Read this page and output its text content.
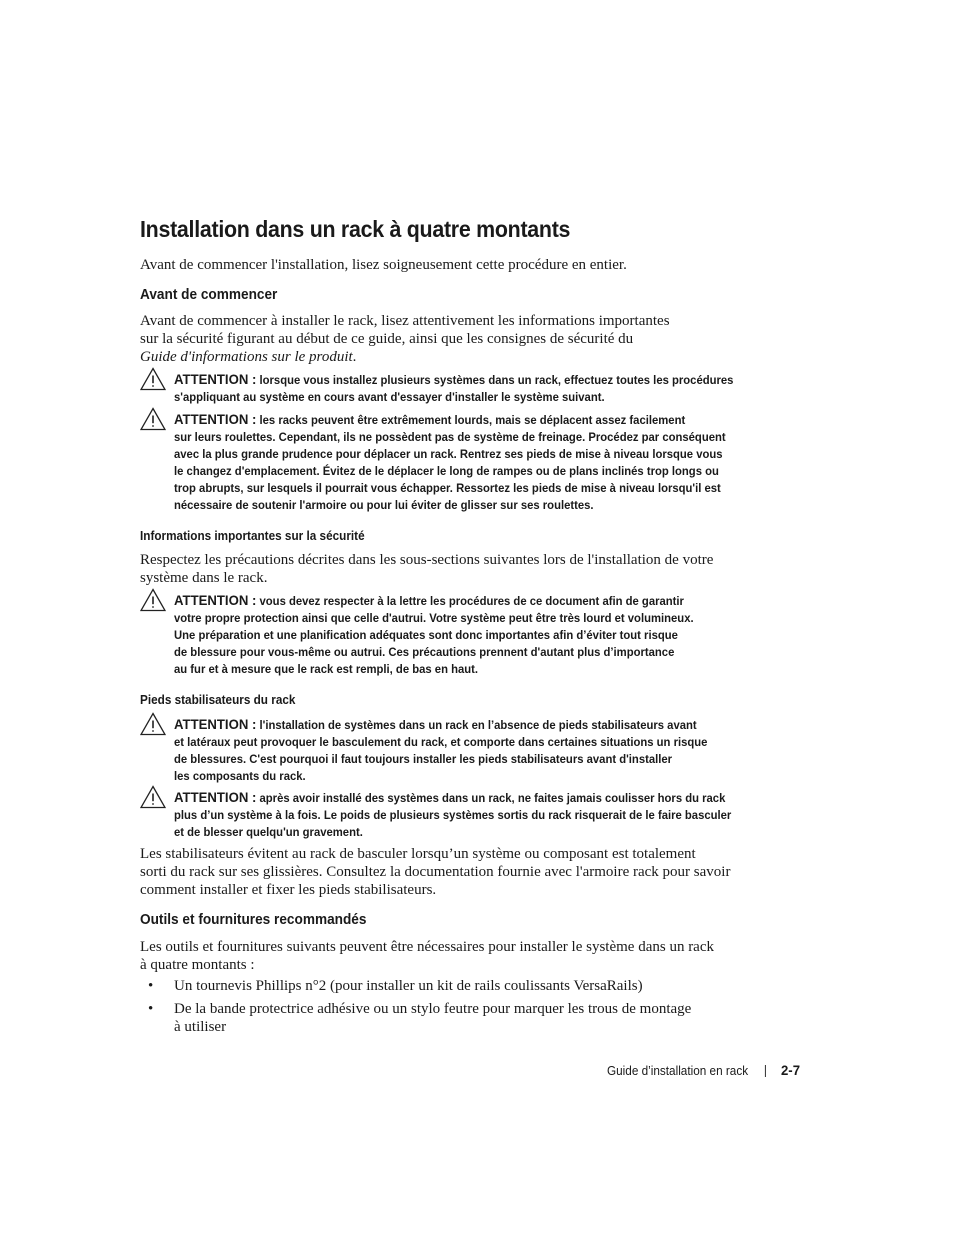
Installation dans un rack à quatre montants

Avant de commencer l'installation, lisez soigneusement cette procédure en entier.

Avant de commencer

Avant de commencer à installer le rack, lisez attentivement les informations importantes
sur la sécurité figurant au début de ce guide, ainsi que les consignes de sécurité du
Guide d'informations sur le produit.

ATTENTION : lorsque vous installez plusieurs systèmes dans un rack, effectuez toutes les procédures
s'appliquant au système en cours avant d'essayer d'installer le système suivant.
ATTENTION : les racks peuvent être extrêmement lourds, mais se déplacent assez facilement
sur leurs roulettes. Cependant, ils ne possèdent pas de système de freinage. Procédez par conséquent
avec la plus grande prudence pour déplacer un rack. Rentrez ses pieds de mise à niveau lorsque vous
le changez d'emplacement. Évitez de le déplacer le long de rampes ou de plans inclinés trop longs ou
trop abrupts, sur lesquels il pourrait vous échapper. Ressortez les pieds de mise à niveau lorsqu'il est
nécessaire de soutenir l'armoire ou pour lui éviter de glisser sur ses roulettes.
Informations importantes sur la sécurité

Respectez les précautions décrites dans les sous-sections suivantes lors de l'installation de votre
système dans le rack.

ATTENTION : vous devez respecter à la lettre les procédures de ce document afin de garantir
votre propre protection ainsi que celle d'autrui. Votre système peut être très lourd et volumineux.
Une préparation et une planification adéquates sont donc importantes afin d’éviter tout risque
de blessure pour vous-même ou autrui. Ces précautions prennent d'autant plus d’importance
au fur et à mesure que le rack est rempli, de bas en haut.
Pieds stabilisateurs du rack
ATTENTION : l'installation de systèmes dans un rack en l’absence de pieds stabilisateurs avant
et latéraux peut provoquer le basculement du rack, et comporte dans certaines situations un risque
de blessures. C'est pourquoi il faut toujours installer les pieds stabilisateurs avant d'installer
les composants du rack.
ATTENTION : après avoir installé des systèmes dans un rack, ne faites jamais coulisser hors du rack
plus d’un système à la fois. Le poids de plusieurs systèmes sortis du rack risquerait de le faire basculer
et de blesser quelqu'un gravement.

Les stabilisateurs évitent au rack de basculer lorsqu’un système ou composant est totalement
sorti du rack sur ses glissières. Consultez la documentation fournie avec l'armoire rack pour savoir
comment installer et fixer les pieds stabilisateurs.

Outils et fournitures recommandés

Les outils et fournitures suivants peuvent être nécessaires pour installer le système dans un rack
à quatre montants :

• Un tournevis Phillips n°2 (pour installer un kit de rails coulissants VersaRails)
• De la bande protectrice adhésive ou un stylo feutre pour marquer les trous de montage
à utiliser
Guide d’installation en rack 2-7
